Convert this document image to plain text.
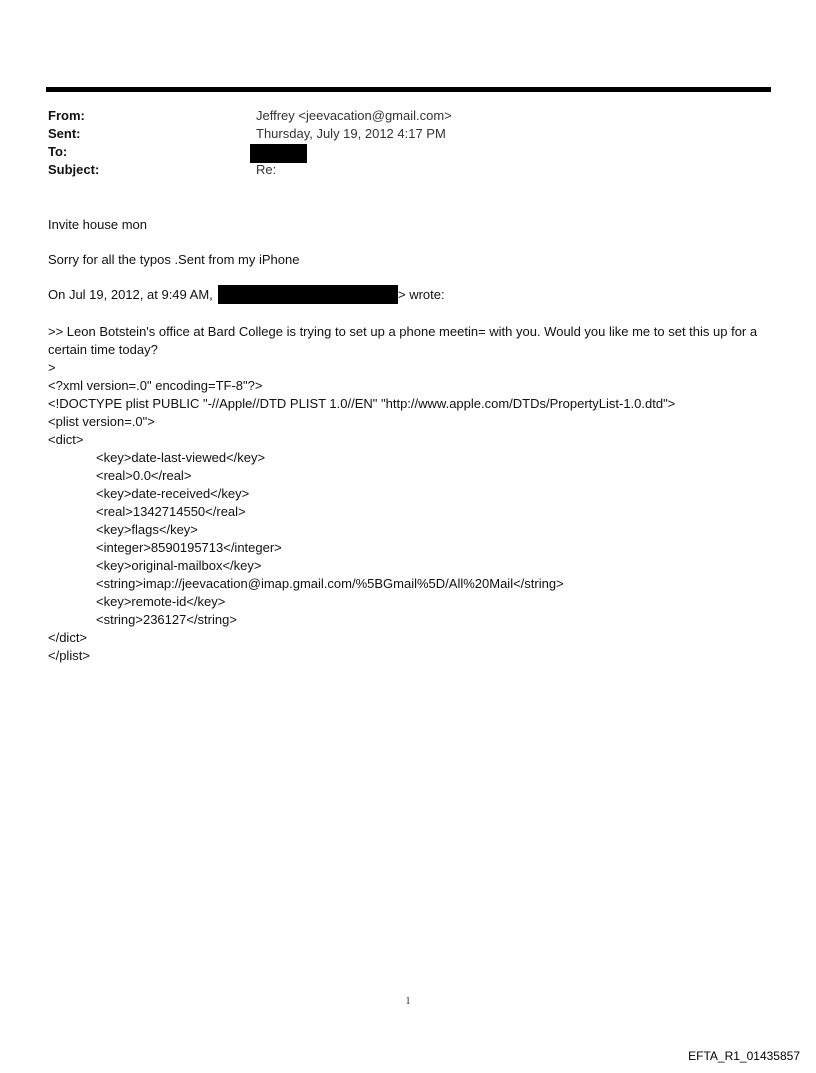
From:	Jeffrey <jeevacation@gmail.com>
Sent:	Thursday, July 19, 2012 4:17 PM
To:
Subject:	Re:
Invite house mon
Sorry for all the typos .Sent from my iPhone
On Jul 19, 2012, at 9:49 AM,	> wrote:
>> Leon Botstein's office at Bard College is trying to set up a phone meetin= with you. Would you like me to set this up for a certain time today?
>
<?xml version=.0" encoding=TF-8"?>
<!DOCTYPE plist PUBLIC "-//Apple//DTD PLIST 1.0//EN" "http://www.apple.com/DTDs/PropertyList-1.0.dtd">
<plist version=.0">
<dict>
<key>date-last-viewed</key>
<real>0.0</real>
<key>date-received</key>
<real>1342714550</real>
<key>flags</key>
<integer>8590195713</integer>
<key>original-mailbox</key>
<string>imap://jeevacation@imap.gmail.com/%5BGmail%5D/All%20Mail</string>
<key>remote-id</key>
<string>236127</string>
</dict>
</plist>
1
EFTA_R1_01435857
